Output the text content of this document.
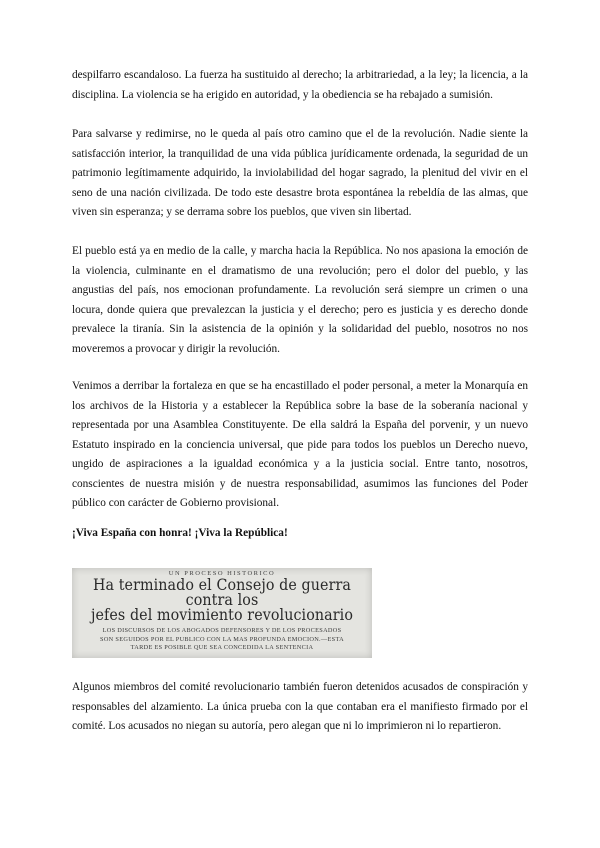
despilfarro escandaloso. La fuerza ha sustituido al derecho; la arbitrariedad, a la ley; la licencia, a la disciplina. La violencia se ha erigido en autoridad, y la obediencia se ha rebajado a sumisión.

Para salvarse y redimirse, no le queda al país otro camino que el de la revolución. Nadie siente la satisfacción interior, la tranquilidad de una vida pública jurídicamente ordenada, la seguridad de un patrimonio legítimamente adquirido, la inviolabilidad del hogar sagrado, la plenitud del vivir en el seno de una nación civilizada. De todo este desastre brota espontánea la rebeldía de las almas, que viven sin esperanza; y se derrama sobre los pueblos, que viven sin libertad.

El pueblo está ya en medio de la calle, y marcha hacia la República. No nos apasiona la emoción de la violencia, culminante en el dramatismo de una revolución; pero el dolor del pueblo, y las angustias del país, nos emocionan profundamente. La revolución será siempre un crimen o una locura, donde quiera que prevalezcan la justicia y el derecho; pero es justicia y es derecho donde prevalece la tiranía. Sin la asistencia de la opinión y la solidaridad del pueblo, nosotros no nos moveremos a provocar y dirigir la revolución.

Venimos a derribar la fortaleza en que se ha encastillado el poder personal, a meter la Monarquía en los archivos de la Historia y a establecer la República sobre la base de la soberanía nacional y representada por una Asamblea Constituyente. De ella saldrá la España del porvenir, y un nuevo Estatuto inspirado en la conciencia universal, que pide para todos los pueblos un Derecho nuevo, ungido de aspiraciones a la igualdad económica y a la justicia social. Entre tanto, nosotros, conscientes de nuestra misión y de nuestra responsabilidad, asumimos las funciones del Poder público con carácter de Gobierno provisional.

¡Viva España con honra! ¡Viva la República!

UN PROCESO HISTORICO
Ha terminado el Consejo de guerra contra los
jefes del movimiento revolucionario
LOS DISCURSOS DE LOS ABOGADOS DEFENSORES Y DE LOS PROCESADOS
SON SEGUIDOS POR EL PUBLICO CON LA MAS PROFUNDA EMOCION.—ESTA
TARDE ES POSIBLE QUE SEA CONCEDIDA LA SENTENCIA

Algunos miembros del comité revolucionario también fueron detenidos acusados de conspiración y responsables del alzamiento. La única prueba con la que contaban era el manifiesto firmado por el comité. Los acusados no niegan su autoría, pero alegan que ni lo imprimieron ni lo repartieron.
